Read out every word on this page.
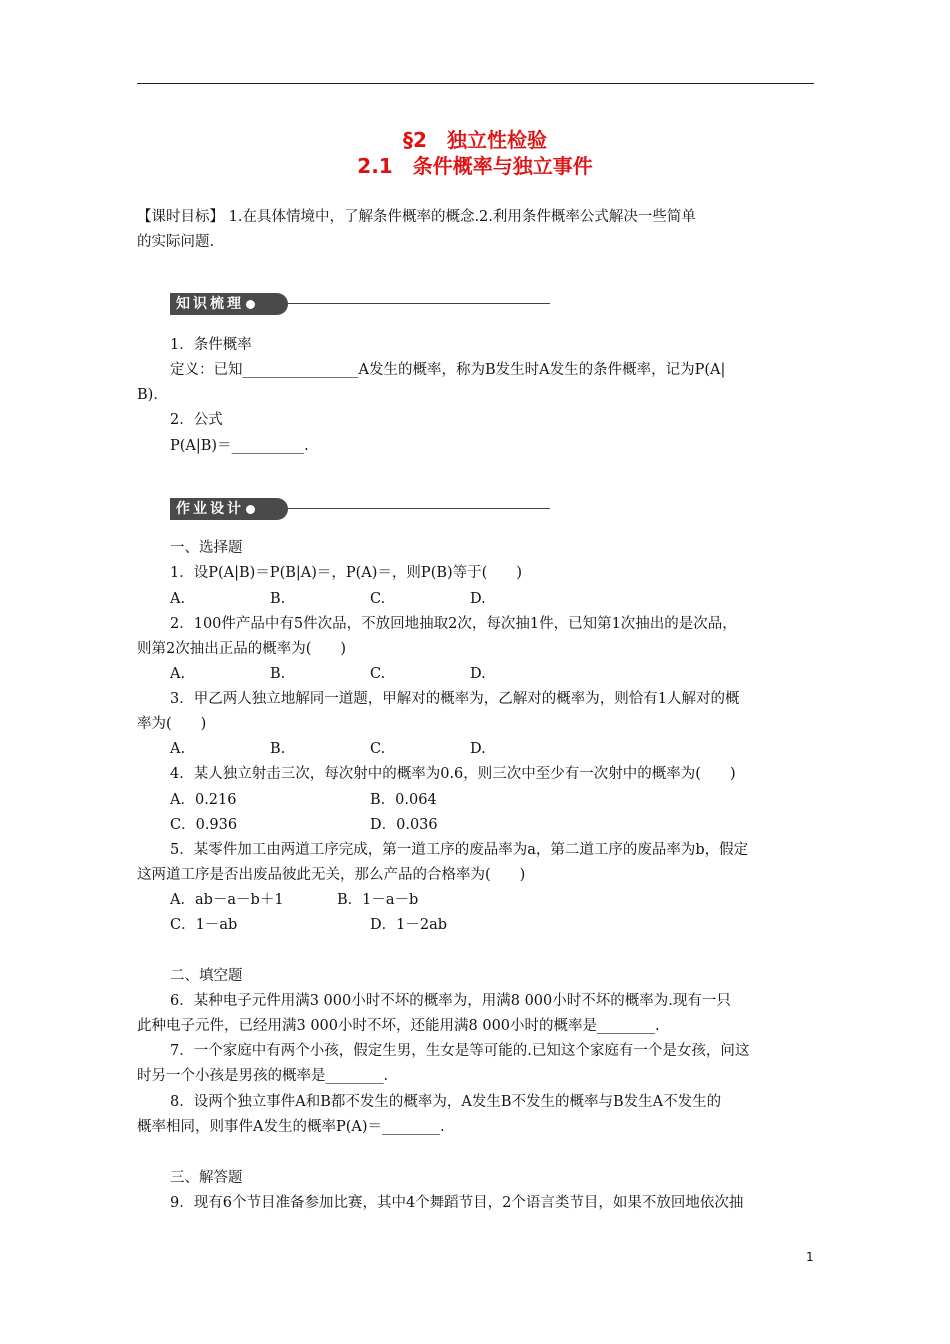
§2　独立性检验
2.1　条件概率与独立事件
【课时目标】 1.在具体情境中，了解条件概率的概念.2.利用条件概率公式解决一些简单
的实际问题.
知识梳理
1．条件概率
定义：已知________________A发生的概率，称为B发生时A发生的条件概率，记为P(A|
B)．
2．公式
P(A|B)＝__________.
作业设计
一、选择题
1．设P(A|B)＝P(B|A)＝，P(A)＝，则P(B)等于(　　)
A.	B.	C.	D.
2．100件产品中有5件次品，不放回地抽取2次，每次抽1件，已知第1次抽出的是次品，
则第2次抽出正品的概率为(　　)
A.	B.	C.	D.
3．甲乙两人独立地解同一道题，甲解对的概率为，乙解对的概率为，则恰有1人解对的概
率为(　　)
A.	B.	C.	D.
4．某人独立射击三次，每次射中的概率为0.6，则三次中至少有一次射中的概率为(　　)
A．0.216	B．0.064
C．0.936	D．0.036
5．某零件加工由两道工序完成，第一道工序的废品率为a，第二道工序的废品率为b，假定
这两道工序是否出废品彼此无关，那么产品的合格率为(　　)
A．ab－a－b＋1	B．1－a－b
C．1－ab	D．1－2ab
二、填空题
6．某种电子元件用满3 000小时不坏的概率为，用满8 000小时不坏的概率为.现有一只
此种电子元件，已经用满3 000小时不坏，还能用满8 000小时的概率是________.
7．一个家庭中有两个小孩，假定生男，生女是等可能的.已知这个家庭有一个是女孩，问这
时另一个小孩是男孩的概率是________.
8．设两个独立事件A和B都不发生的概率为，A发生B不发生的概率与B发生A不发生的
概率相同，则事件A发生的概率P(A)＝________.
三、解答题
9．现有6个节目准备参加比赛，其中4个舞蹈节目，2个语言类节目，如果不放回地依次抽
1
